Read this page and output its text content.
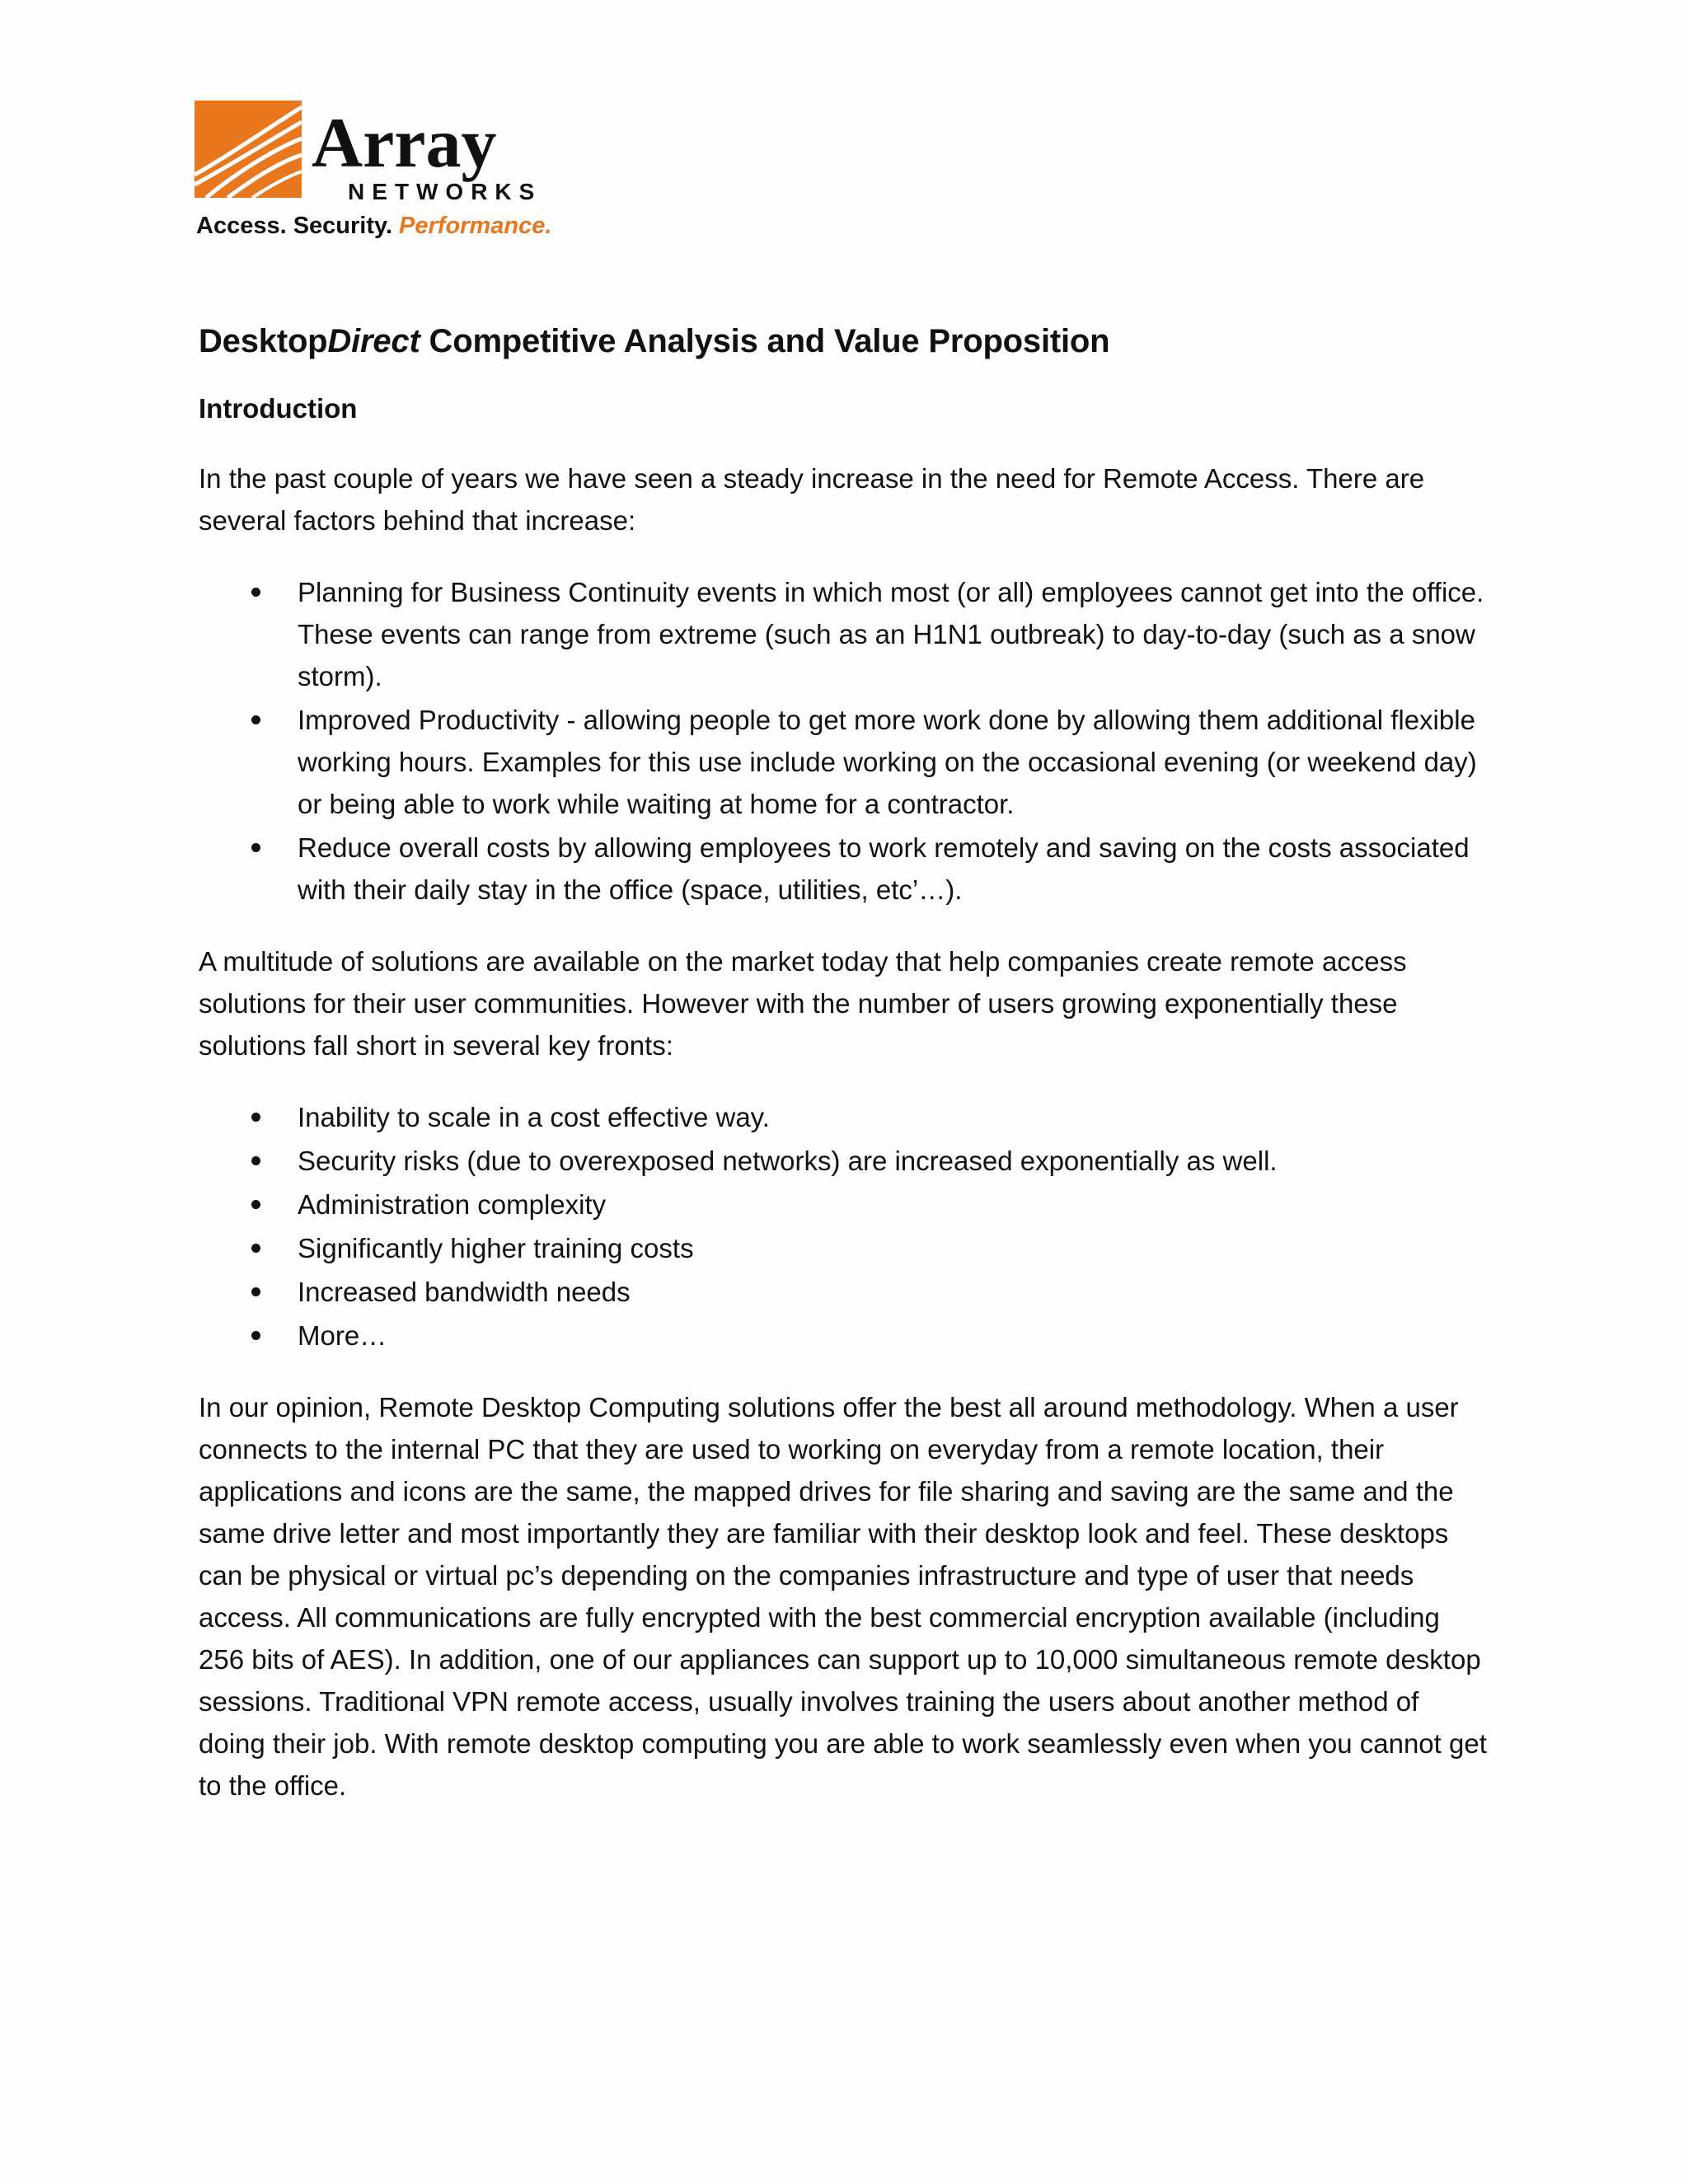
Array
NETWORKS
Access. Security. Performance.
DesktopDirect Competitive Analysis and Value Proposition
Introduction

In the past couple of years we have seen a steady increase in the need for Remote Access. There are several factors behind that increase:

Planning for Business Continuity events in which most (or all) employees cannot get into the office. These events can range from extreme (such as an H1N1 outbreak) to day-to-day (such as a snow storm).
Improved Productivity - allowing people to get more work done by allowing them additional flexible working hours. Examples for this use include working on the occasional evening (or weekend day) or being able to work while waiting at home for a contractor.
Reduce overall costs by allowing employees to work remotely and saving on the costs associated with their daily stay in the office (space, utilities, etc’…).

A multitude of solutions are available on the market today that help companies create remote access solutions for their user communities. However with the number of users growing exponentially these solutions fall short in several key fronts:

Inability to scale in a cost effective way.
Security risks (due to overexposed networks) are increased exponentially as well.
Administration complexity
Significantly higher training costs
Increased bandwidth needs
More…

In our opinion, Remote Desktop Computing solutions offer the best all around methodology. When a user connects to the internal PC that they are used to working on everyday from a remote location, their applications and icons are the same, the mapped drives for file sharing and saving are the same and the same drive letter and most importantly they are familiar with their desktop look and feel. These desktops can be physical or virtual pc’s depending on the companies infrastructure and type of user that needs access. All communications are fully encrypted with the best commercial encryption available (including 256 bits of AES). In addition, one of our appliances can support up to 10,000 simultaneous remote desktop sessions. Traditional VPN remote access, usually involves training the users about another method of doing their job. With remote desktop computing you are able to work seamlessly even when you cannot get to the office.
